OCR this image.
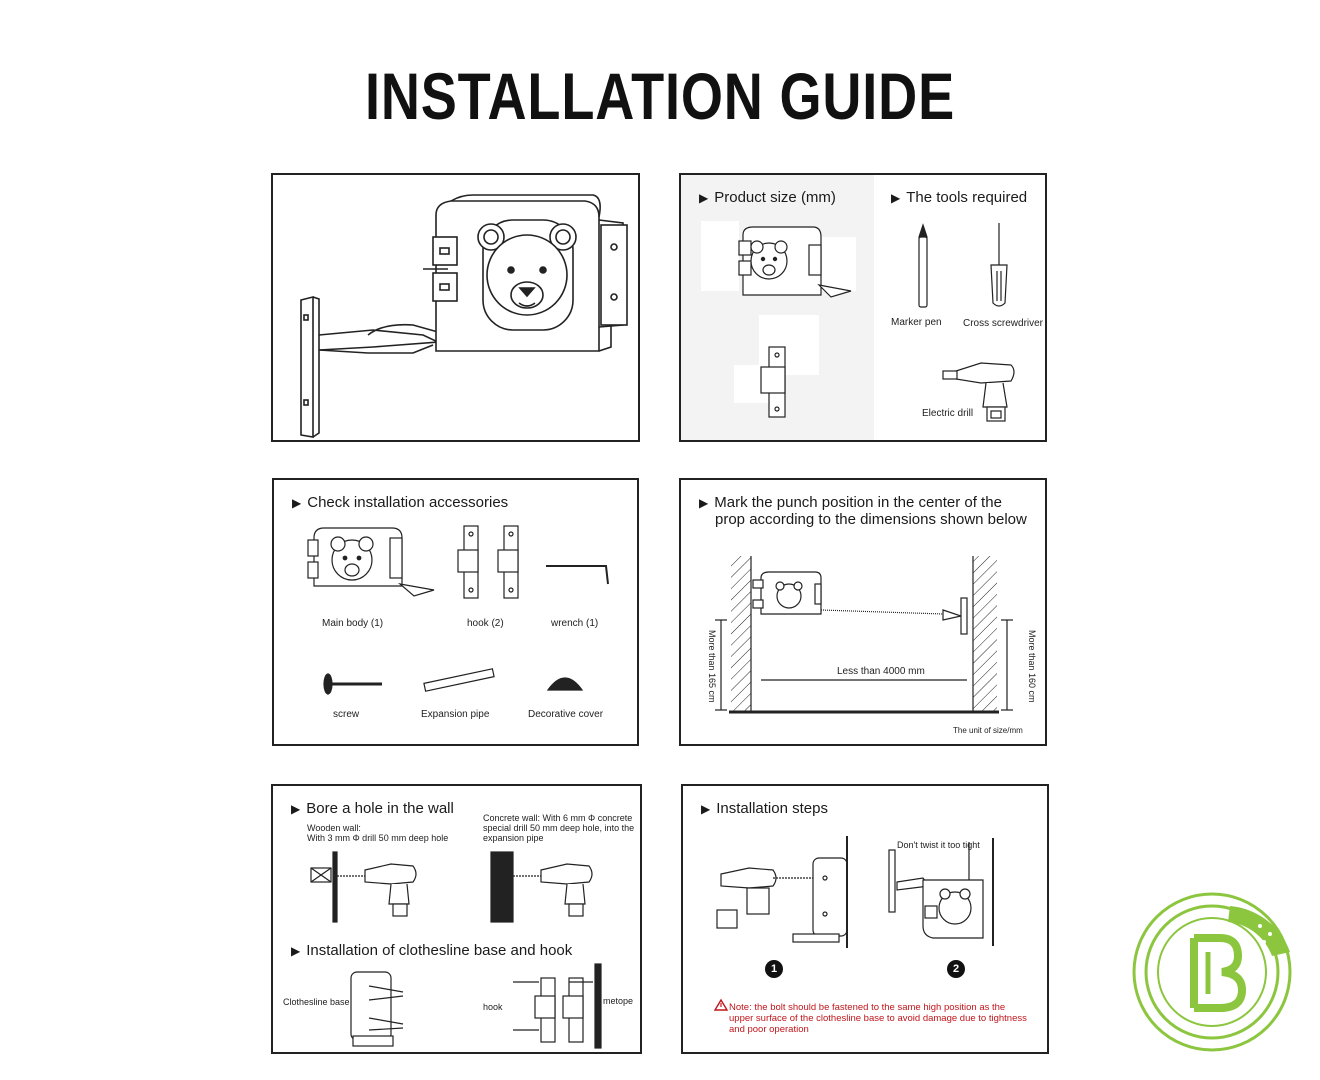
INSTALLATION GUIDE
▶ Product size (mm)	▶ The tools required
Marker pen Cross screwdriver
Electric drill
▶ Check installation accessories
Main body (1)	hook (2)	wrench (1)
screw	Expansion pipe	Decorative cover
▶ Mark the punch position in the center of the
prop according to the dimensions shown below
Less than 4000 mm
More than 165 cm	More than 160 cm
The unit of size/mm
▶ Bore a hole in the wall
Wooden wall:
With 3 mm Φ drill 50 mm deep hole
Concrete wall: With 6 mm Φ concrete
special drill 50 mm deep hole, into the
expansion pipe
▶ Installation of clothesline base and hook
Clothesline base	hook
metope
▶ Installation steps
Don't twist it too tight
1	2
Note: the bolt should be fastened to the same high position as the
upper surface of the clothesline base to avoid damage due to tightness
and poor operation
